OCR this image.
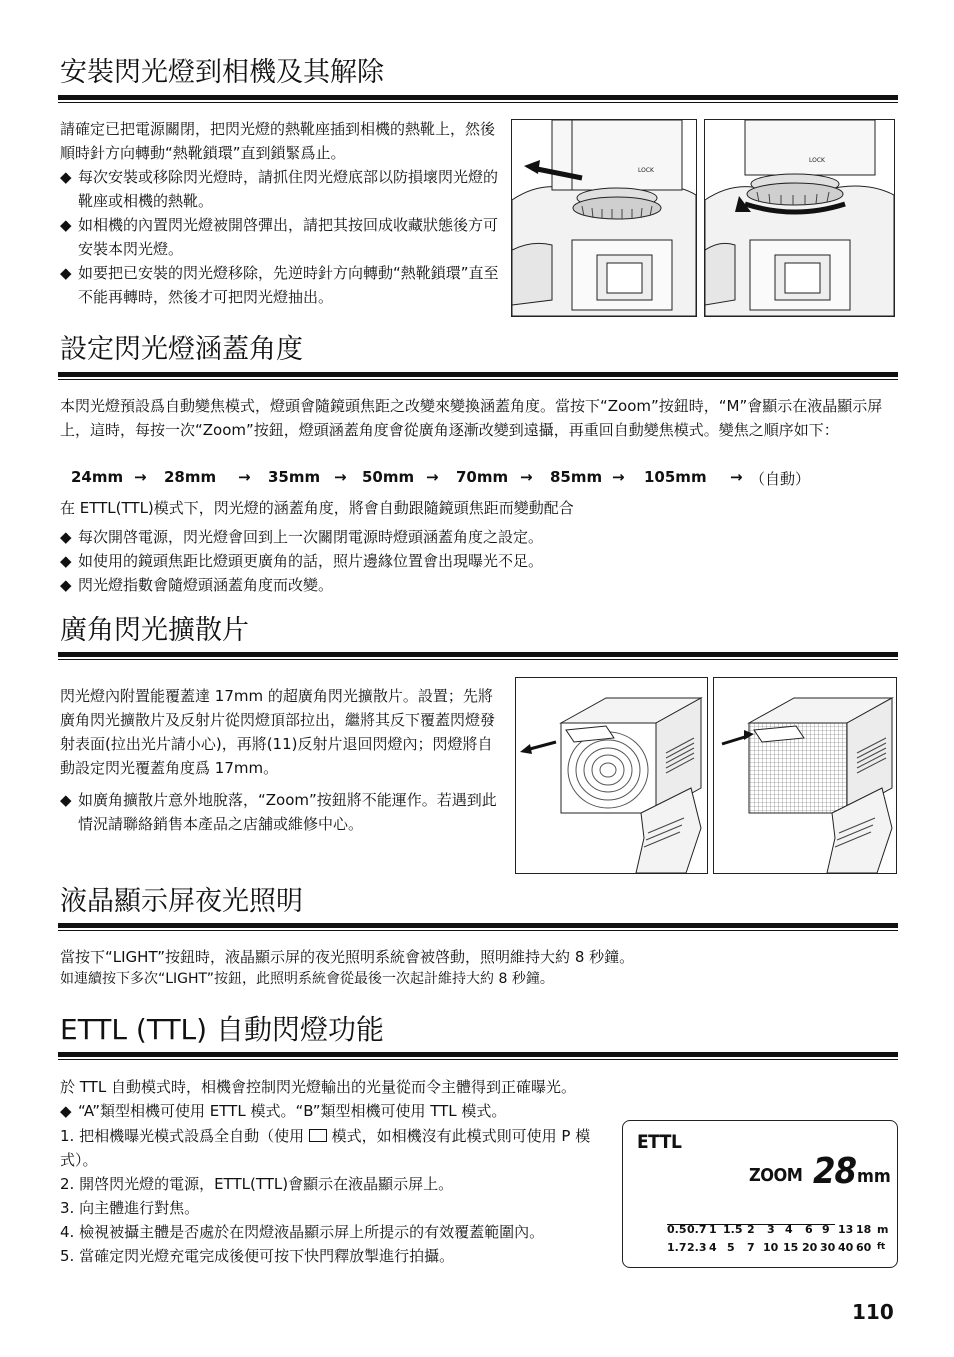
安裝閃光燈到相機及其解除
請確定已把電源關閉，把閃光燈的熱靴座插到相機的熱靴上，然後順時針方向轉動“熱靴鎖環”直到鎖緊爲止。
◆ 每次安裝或移除閃光燈時，請抓住閃光燈底部以防損壞閃光燈的靴座或相機的熱靴。
◆ 如相機的內置閃光燈被開啓彈出，請把其按回成收藏狀態後方可安裝本閃光燈。
◆ 如要把已安裝的閃光燈移除，先逆時針方向轉動“熱靴鎖環”直至不能再轉時，然後才可把閃光燈抽出。
LOCK
LOCK
設定閃光燈涵蓋角度
本閃光燈預設爲自動變焦模式，燈頭會隨鏡頭焦距之改變來變換涵蓋角度。當按下“Zoom”按鈕時，“M”會顯示在液晶顯示屏上，這時，每按一次“Zoom”按鈕，燈頭涵蓋角度會從廣角逐漸改變到遠攝，再重回自動變焦模式。變焦之順序如下：
24mm → 28mm → 35mm → 50mm → 70mm → 85mm → 105mm → （自動）
在 ETTL(TTL)模式下，閃光燈的涵蓋角度，將會自動跟隨鏡頭焦距而變動配合
◆ 每次開啓電源，閃光燈會回到上一次關閉電源時燈頭涵蓋角度之設定。
◆ 如使用的鏡頭焦距比燈頭更廣角的話，照片邊緣位置會出現曝光不足。
◆ 閃光燈指數會隨燈頭涵蓋角度而改變。
廣角閃光擴散片
閃光燈內附置能覆蓋達 17mm 的超廣角閃光擴散片。設置；先將廣角閃光擴散片及反射片從閃燈頂部拉出，繼將其反下覆蓋閃燈發射表面(拉出光片請小心)，再將(11)反射片退回閃燈內；閃燈將自動設定閃光覆蓋角度爲 17mm。
◆ 如廣角擴散片意外地脫落，“Zoom”按鈕將不能運作。若遇到此情況請聯絡銷售本產品之店舖或維修中心。
液晶顯示屏夜光照明
當按下“LIGHT”按鈕時，液晶顯示屏的夜光照明系統會被啓動，照明維持大約 8 秒鐘。
如連續按下多次“LIGHT”按鈕，此照明系統會從最後一次起計維持大約 8 秒鐘。
ETTL (TTL) 自動閃燈功能
於 TTL 自動模式時，相機會控制閃光燈輸出的光量從而令主體得到正確曝光。
◆ “A”類型相機可使用 ETTL 模式。“B”類型相機可使用 TTL 模式。
1. 把相機曝光模式設爲全自動（使用 模式，如相機沒有此模式則可使用 P 模式）。
2. 開啓閃光燈的電源，ETTL(TTL)會顯示在液晶顯示屏上。
3. 向主體進行對焦。
4. 檢視被攝主體是否處於在閃燈液晶顯示屏上所提示的有效覆蓋範圍內。
5. 當確定閃光燈充電完成後便可按下快門釋放掣進行拍攝。
ETTL
ZOOM 28 mm
0.5 0.7 1 1.5 2 3 4 6 9 13 18 m
1.7 2.3 4 5 7 10 15 20 30 40 60 ft
110
